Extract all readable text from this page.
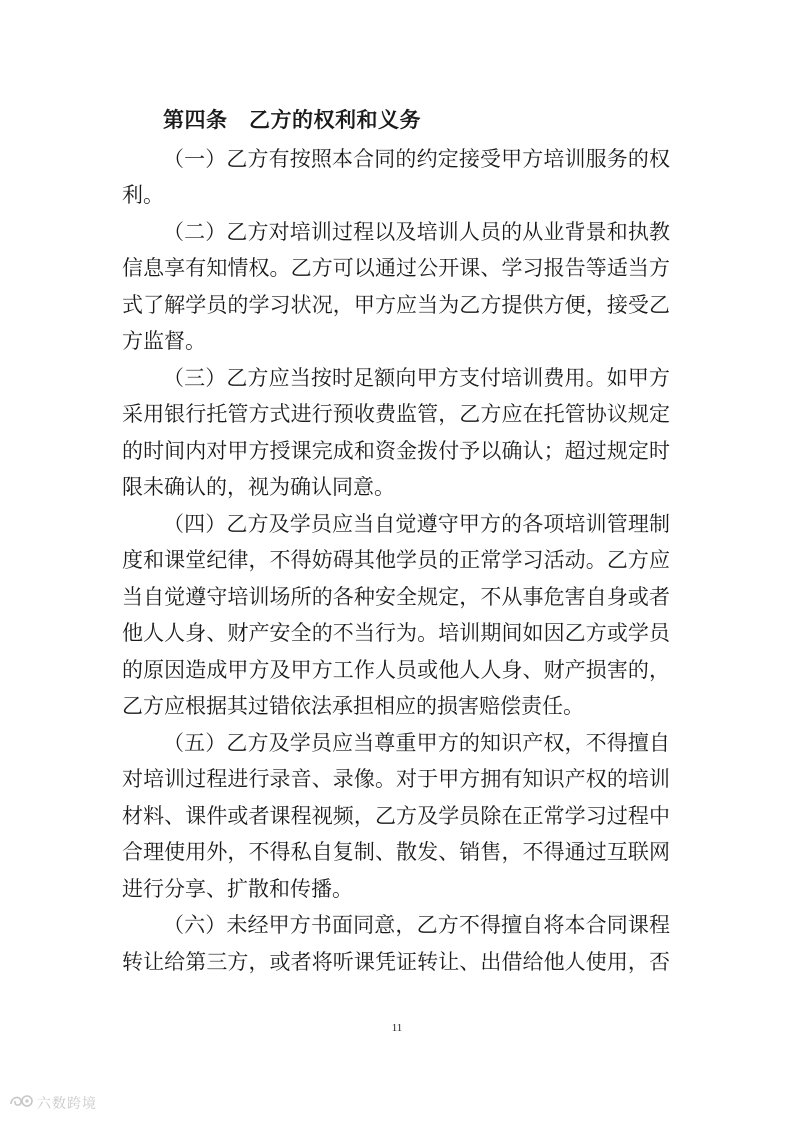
第四条　乙方的权利和义务
（一）乙方有按照本合同的约定接受甲方培训服务的权
利。
（二）乙方对培训过程以及培训人员的从业背景和执教
信息享有知情权。乙方可以通过公开课、学习报告等适当方
式了解学员的学习状况，甲方应当为乙方提供方便，接受乙
方监督。
（三）乙方应当按时足额向甲方支付培训费用。如甲方
采用银行托管方式进行预收费监管，乙方应在托管协议规定
的时间内对甲方授课完成和资金拨付予以确认；超过规定时
限未确认的，视为确认同意。
（四）乙方及学员应当自觉遵守甲方的各项培训管理制
度和课堂纪律，不得妨碍其他学员的正常学习活动。乙方应
当自觉遵守培训场所的各种安全规定，不从事危害自身或者
他人人身、财产安全的不当行为。培训期间如因乙方或学员
的原因造成甲方及甲方工作人员或他人人身、财产损害的，
乙方应根据其过错依法承担相应的损害赔偿责任。
（五）乙方及学员应当尊重甲方的知识产权，不得擅自
对培训过程进行录音、录像。对于甲方拥有知识产权的培训
材料、课件或者课程视频，乙方及学员除在正常学习过程中
合理使用外，不得私自复制、散发、销售，不得通过互联网
进行分享、扩散和传播。
（六）未经甲方书面同意，乙方不得擅自将本合同课程
转让给第三方，或者将听课凭证转让、出借给他人使用，否
11
六数跨境
